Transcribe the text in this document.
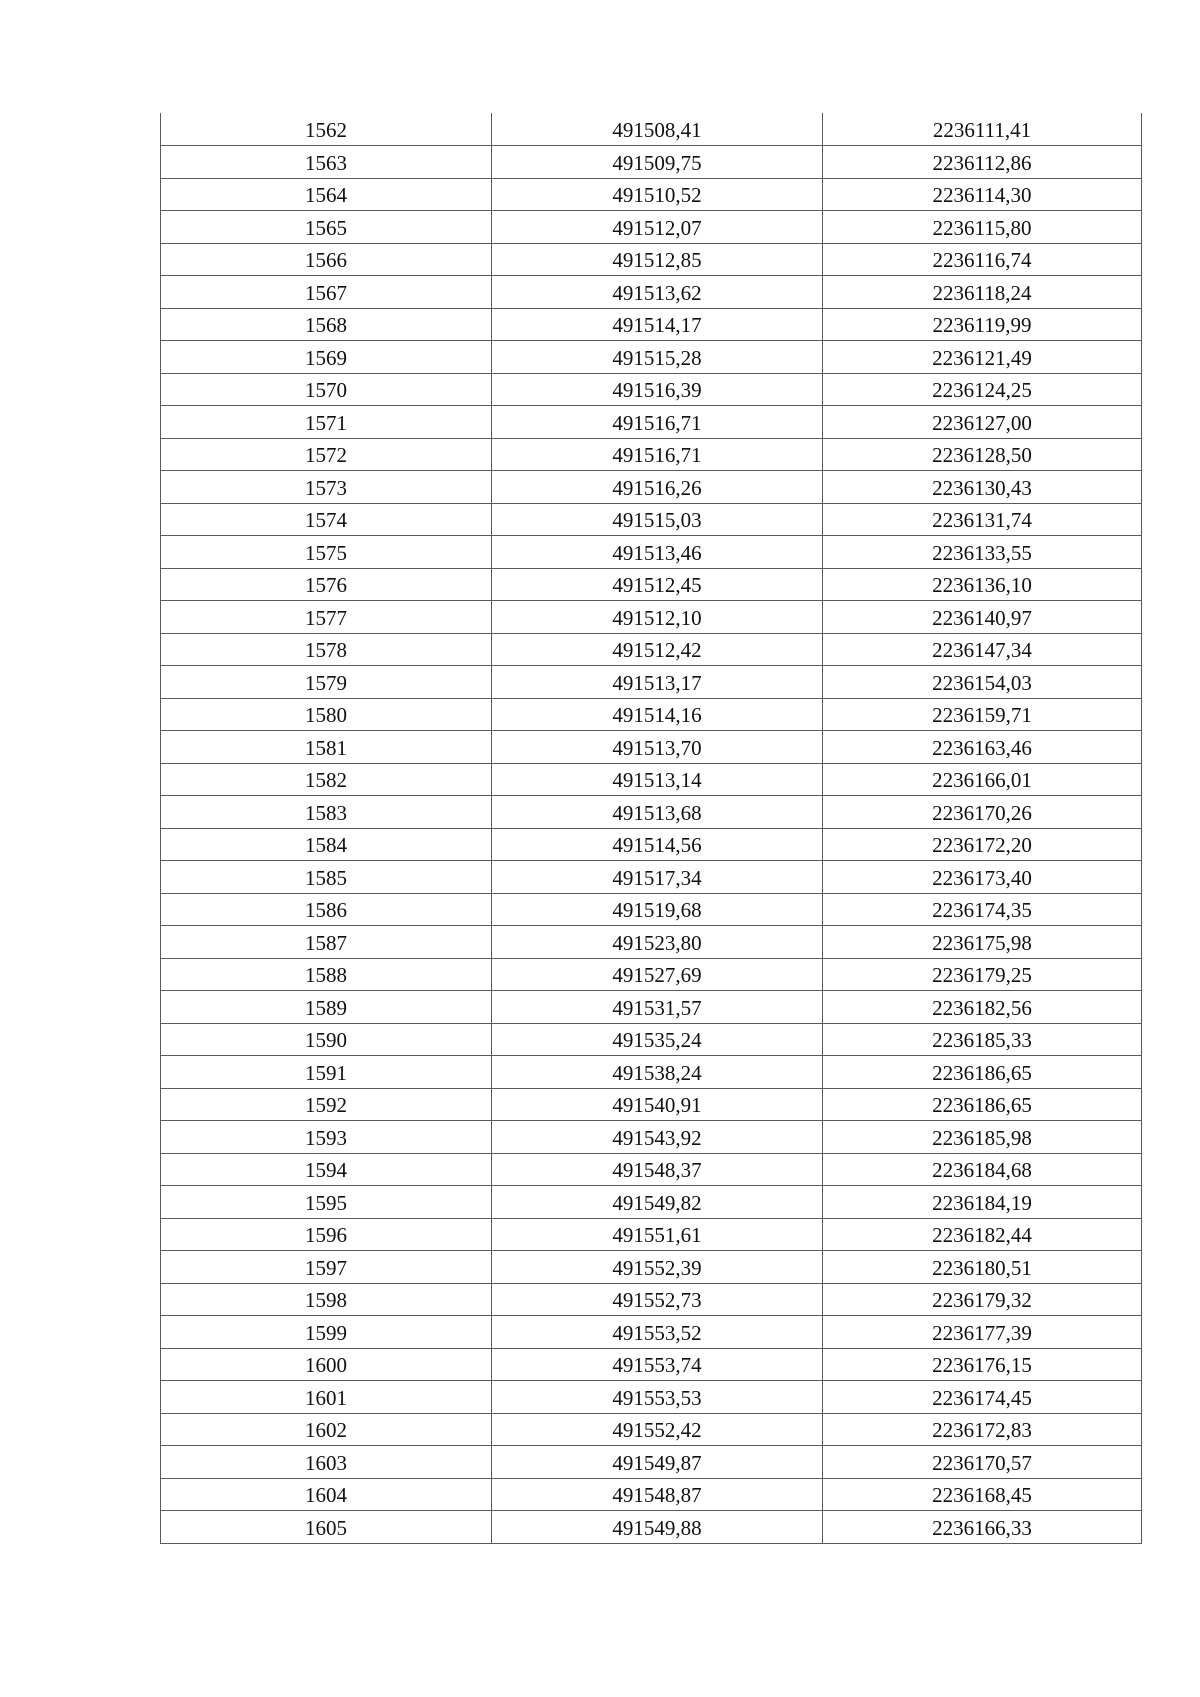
1562	491508,41	2236111,41
1563	491509,75	2236112,86
1564	491510,52	2236114,30
1565	491512,07	2236115,80
1566	491512,85	2236116,74
1567	491513,62	2236118,24
1568	491514,17	2236119,99
1569	491515,28	2236121,49
1570	491516,39	2236124,25
1571	491516,71	2236127,00
1572	491516,71	2236128,50
1573	491516,26	2236130,43
1574	491515,03	2236131,74
1575	491513,46	2236133,55
1576	491512,45	2236136,10
1577	491512,10	2236140,97
1578	491512,42	2236147,34
1579	491513,17	2236154,03
1580	491514,16	2236159,71
1581	491513,70	2236163,46
1582	491513,14	2236166,01
1583	491513,68	2236170,26
1584	491514,56	2236172,20
1585	491517,34	2236173,40
1586	491519,68	2236174,35
1587	491523,80	2236175,98
1588	491527,69	2236179,25
1589	491531,57	2236182,56
1590	491535,24	2236185,33
1591	491538,24	2236186,65
1592	491540,91	2236186,65
1593	491543,92	2236185,98
1594	491548,37	2236184,68
1595	491549,82	2236184,19
1596	491551,61	2236182,44
1597	491552,39	2236180,51
1598	491552,73	2236179,32
1599	491553,52	2236177,39
1600	491553,74	2236176,15
1601	491553,53	2236174,45
1602	491552,42	2236172,83
1603	491549,87	2236170,57
1604	491548,87	2236168,45
1605	491549,88	2236166,33
